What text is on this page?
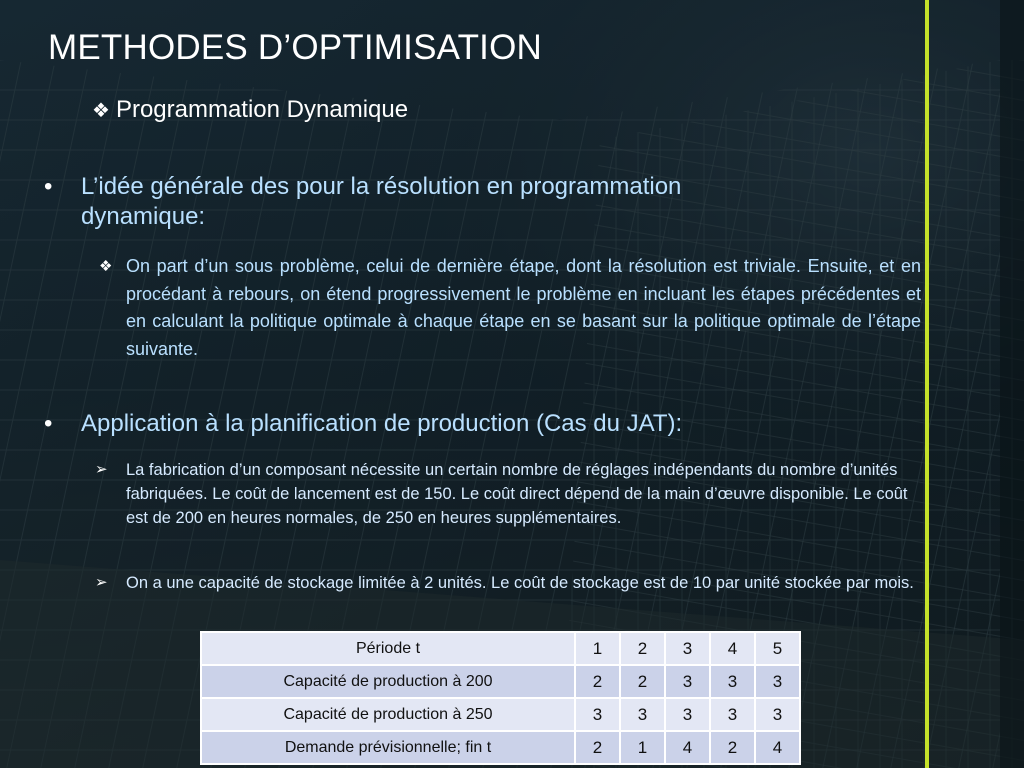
METHODES D’OPTIMISATION
❖ Programmation Dynamique
• L’idée générale des pour la résolution en programmation dynamique:
❖ On part d’un sous problème, celui de dernière étape, dont la résolution est triviale. Ensuite, et en procédant à rebours, on étend progressivement le problème en incluant les étapes précédentes et en calculant la politique optimale à chaque étape en se basant sur la politique optimale de l’étape suivante.
• Application à la planification de production (Cas du JAT):
➢ La fabrication d’un composant nécessite un certain nombre de réglages indépendants du nombre d’unités fabriquées. Le coût de lancement est de 150. Le coût direct dépend de la main d’œuvre disponible. Le coût est de 200 en heures normales, de 250 en heures supplémentaires.
➢ On a une capacité de stockage limitée à 2 unités. Le coût de stockage est de 10 par unité stockée par mois.
Période t	1	2	3	4	5
Capacité de production à 200	2	2	3	3	3
Capacité de production à 250	3	3	3	3	3
Demande prévisionnelle; fin t	2	1	4	2	4
